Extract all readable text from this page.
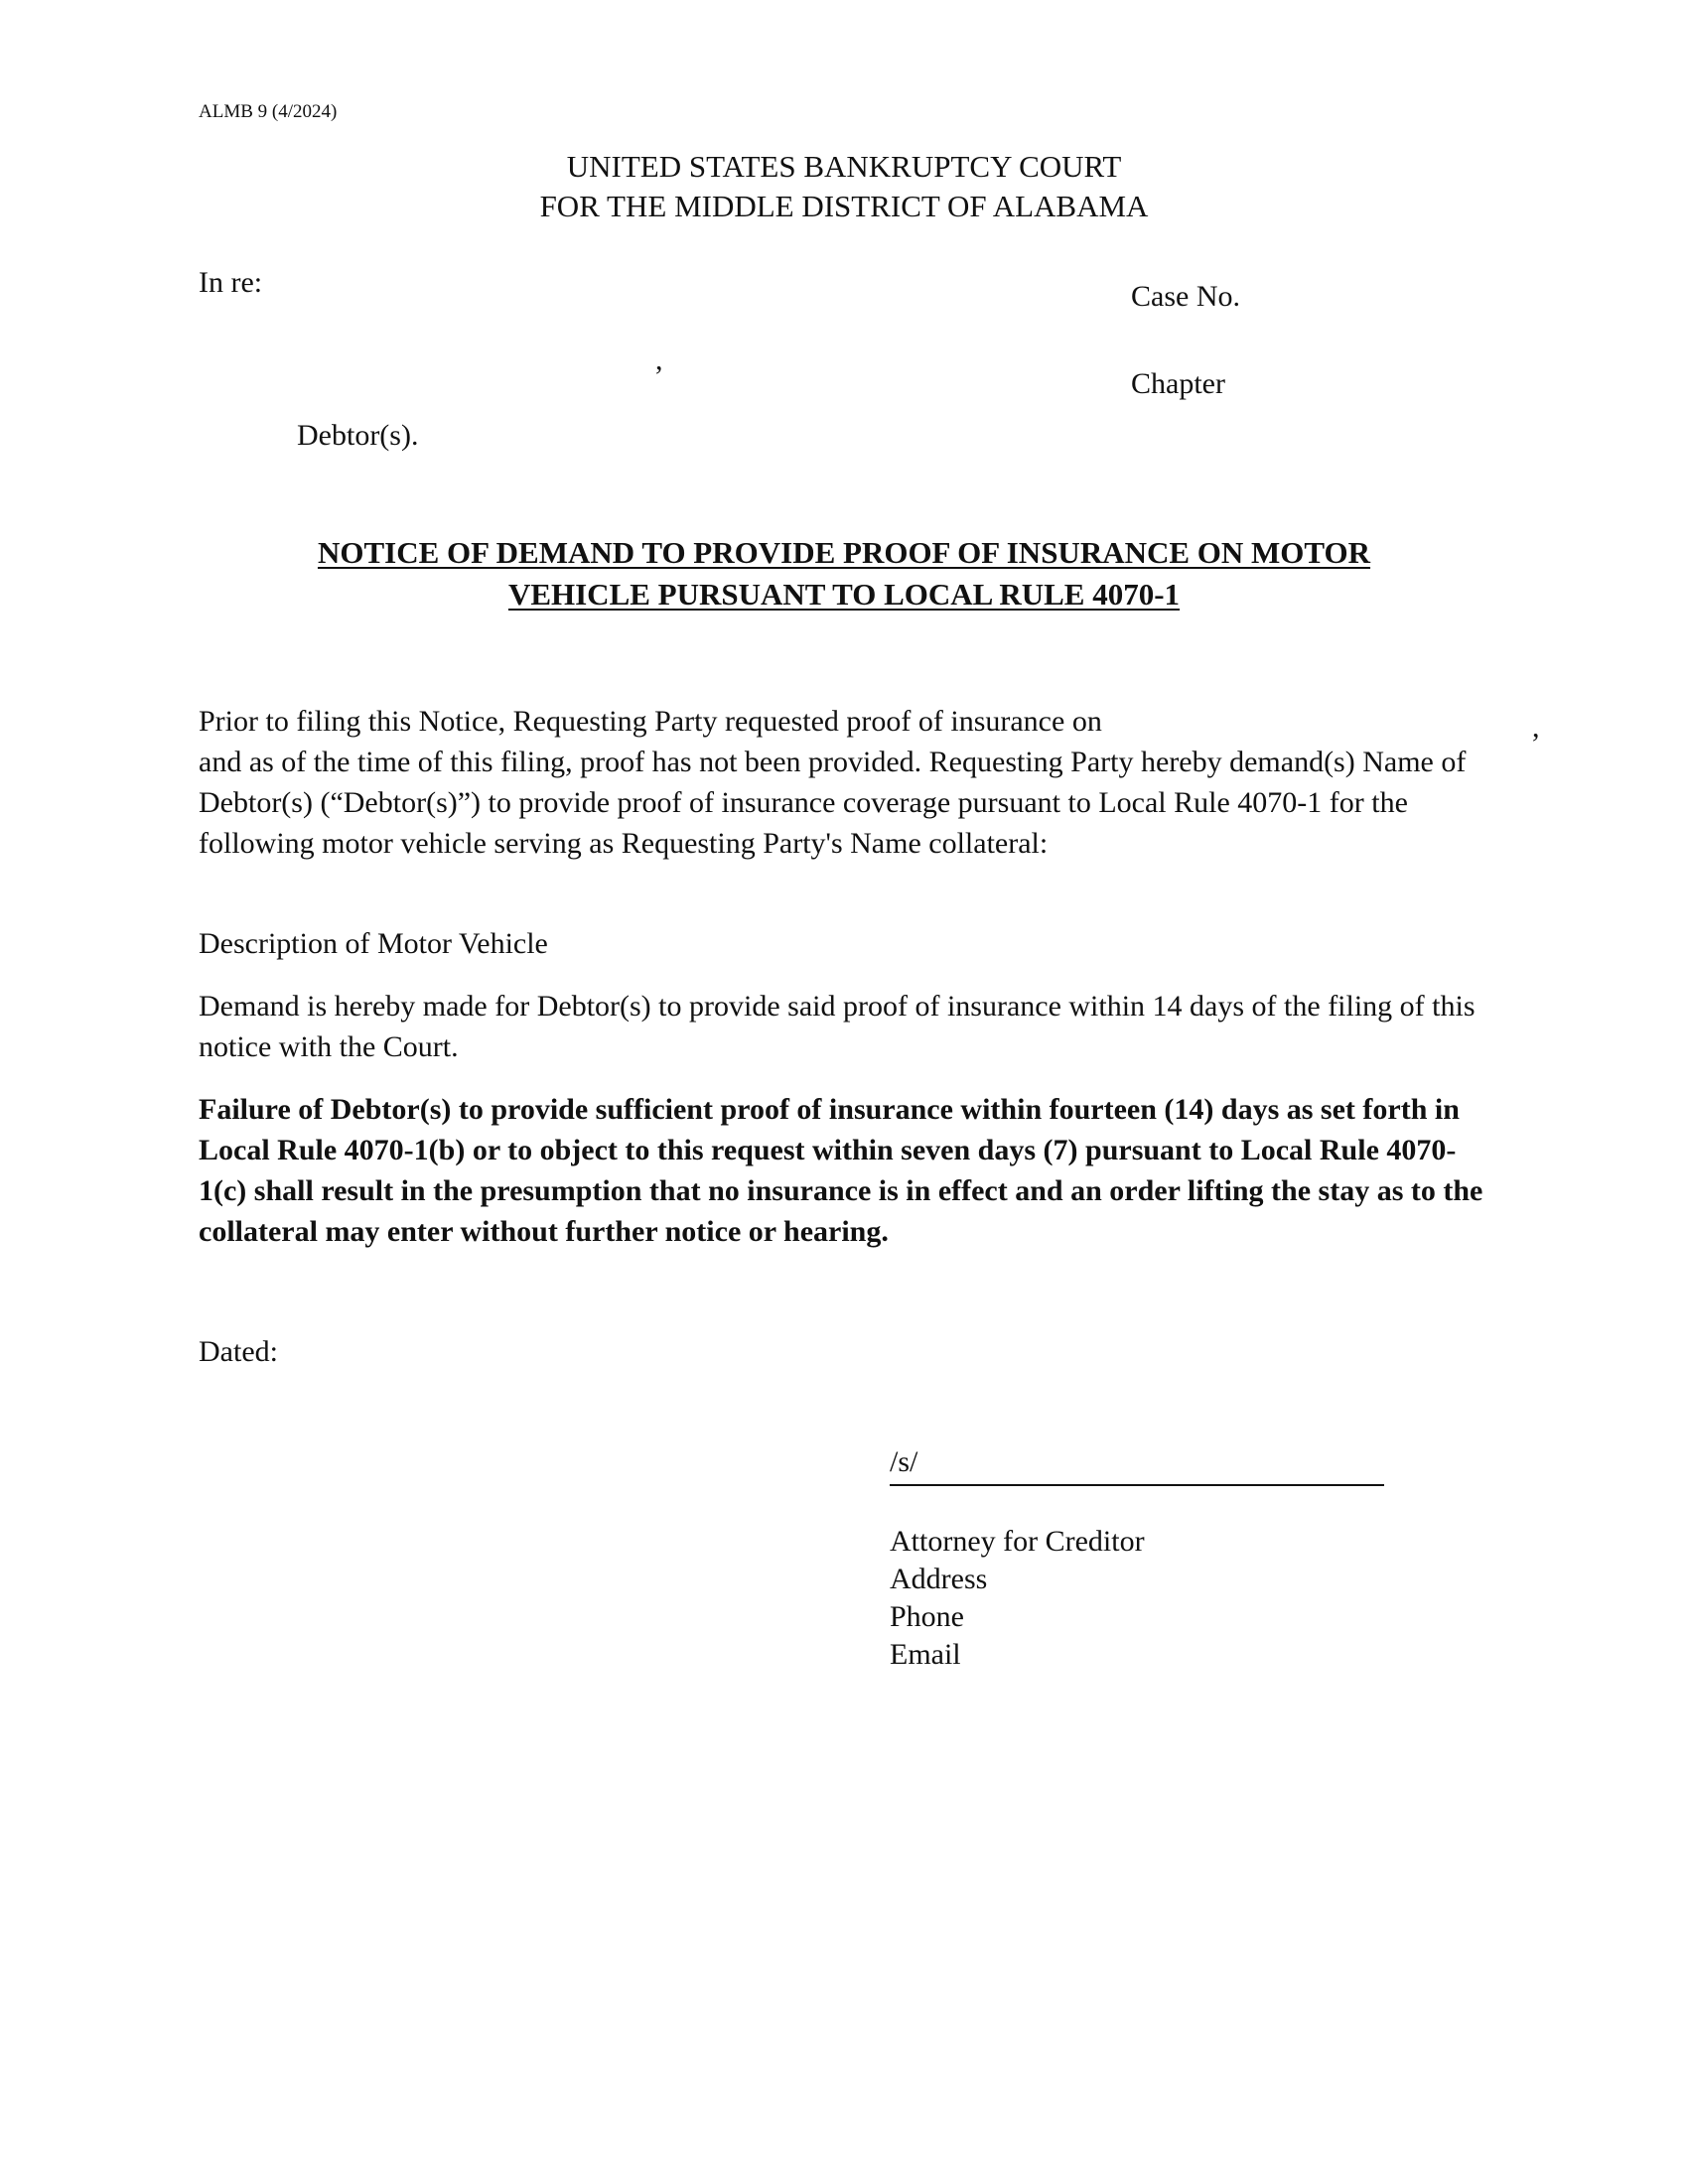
ALMB 9 (4/2024)
UNITED STATES BANKRUPTCY COURT
FOR THE MIDDLE DISTRICT OF ALABAMA
In re:	Case No.
,
Chapter
Debtor(s).
NOTICE OF DEMAND TO PROVIDE PROOF OF INSURANCE ON MOTOR
VEHICLE PURSUANT TO LOCAL RULE 4070-1
Prior to filing this Notice, Requesting Party requested proof of insurance on
and as of the time of this filing, proof has not been provided. Requesting Party hereby demand(s) Name of Debtor(s) (“Debtor(s)”) to provide proof of insurance coverage pursuant to Local Rule 4070-1 for the following motor vehicle serving as Requesting Party's Name collateral:
,
Description of Motor Vehicle
Demand is hereby made for Debtor(s) to provide said proof of insurance within 14 days of the filing of this notice with the Court.
Failure of Debtor(s) to provide sufficient proof of insurance within fourteen (14) days as set forth in Local Rule 4070-1(b) or to object to this request within seven days (7) pursuant to Local Rule 4070-1(c) shall result in the presumption that no insurance is in effect and an order lifting the stay as to the collateral may enter without further notice or hearing.
Dated:
/s/
Attorney for Creditor
Address
Phone
Email
